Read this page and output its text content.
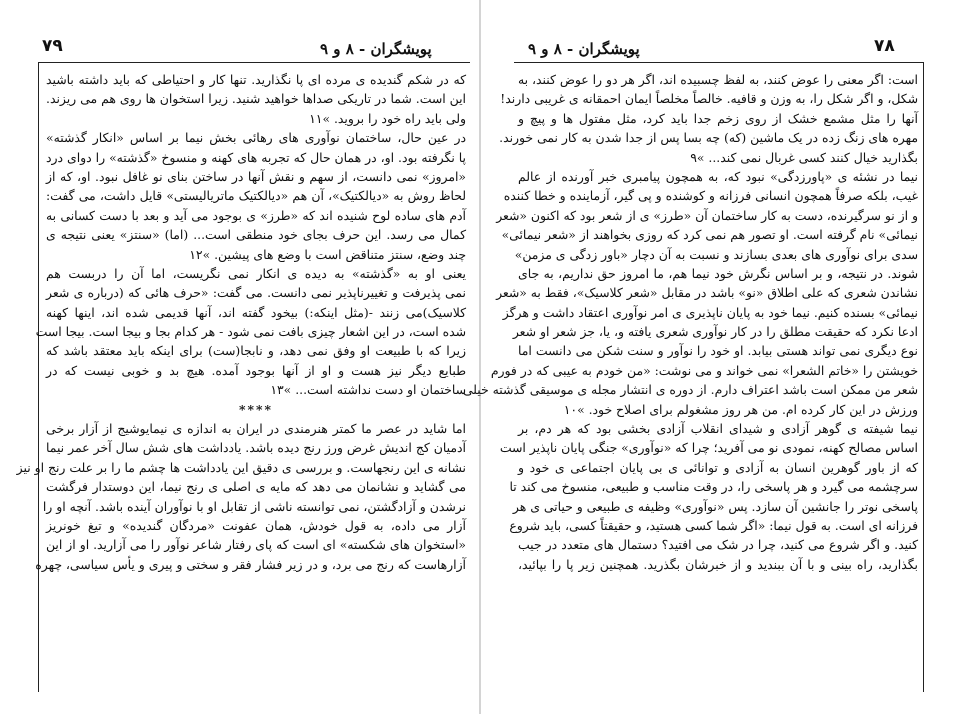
۷۹	پویشگران - ۸ و ۹
که در شکم گندیده ی مرده ای پا نگذارید. تنها کار و احتیاطی که باید داشته باشید
این است. شما در تاریکی صداها خواهید شنید. زیرا استخوان ها روی هم می ریزند.
ولی باید راه خود را بروید. »۱۱
در عین حال، ساختمان نوآوری های رهائی بخش نیما بر اساس «انکار گذشته»
پا نگرفته بود. او، در همان حال که تجربه های کهنه و منسوخ «گذشته» را دوای درد
«امروز» نمی دانست، از سهم و نقش آنها در ساختن بنای نو غافل نبود. او، که از
لحاظ روش به «دیالکتیک»، آن هم «دیالکتیک ماتریالیستی» قایل داشت، می گفت:
آدم های ساده لوح شنیده اند که «طرز» ی بوجود می آید و بعد با دست کسانی به
کمال می رسد. این حرف بجای خود منطقی است... (اما) «سنتز» یعنی نتیجه ی
چند وضع، سنتز متناقض است با وضع های پیشین. »۱۲
یعنی او به «گذشته» به دیده ی انکار نمی نگریست، اما آن را دربست هم
نمی پذیرفت و تغییرناپذیر نمی دانست. می گفت: «حرف هائی که (درباره ی شعر
کلاسیک)می زنند -(مثل اینکه:) بیخود گفته اند، آنها قدیمی شده اند، اینها کهنه
شده است، در این اشعار چیزی بافت نمی شود - هر کدام بجا و بیجا است. بیجا است
زیرا که با طبیعت او وفق نمی دهد، و نابجا(ست) برای اینکه باید معتقد باشد که
طبایع دیگر نیز هست و او از آنها بوجود آمده. هیچ بد و خوبی نیست که در
ساختمان او دست نداشته است... »۱۳
****
اما شاید در عصر ما کمتر هنرمندی در ایران به اندازه ی نیمایوشیج از آزار برخی
آدمیان کج اندیش غرض ورز رنج دیده باشد. یادداشت های شش سال آخر عمر نیما
نشانه ی این رنجهاست. و بررسی ی دقیق این یادداشت ها چشم ما را بر علت رنج او نیز
می گشاید و نشانمان می دهد که مایه ی اصلی ی رنج نیما، این دوستدار فرگشت
نرشدن و آزادگشتن، نمی توانسته ناشی از تقابل او با نوآوران آینده باشد. آنچه او را
آزار می داده، به قول خودش، همان عفونت «مردگان گندیده» و تیغ خونریز
«استخوان های شکسته» ای است که پای رفتار شاعر نوآور را می آزارید. او از این
آزارهاست که رنج می برد، و در زیر فشار فقر و سختی و پیری و یأس سیاسی، چهره
۷۸
پویشگران - ۸ و ۹
است: اگر معنی را عوض کنند، به لفظ چسبیده اند، اگر هر دو را عوض کنند، به
شکل، و اگر شکل را، به وزن و قافیه. خالصاً مخلصاً ایمان احمقانه ی غریبی دارند!
آنها را مثل مشمع خشک از روی زخم جدا باید کرد، مثل مفتول ها و پیچ و
مهره های زنگ زده در یک ماشین (که) چه بسا پس از جدا شدن به کار نمی خورند.
بگذارید خیال کنند کسی غربال نمی کند... »۹
نیما در نشئه ی «پاورزدگی» نبود که، به همچون پیامبری خبر آورنده از عالم
غیب، بلکه صرفاً همچون انسانی فرزانه و کوشنده و پی گیر، آزماینده و خطا کننده
و از نو سرگیرنده، دست به کار ساختمان آن «طرز» ی از شعر بود که اکنون «شعر
نیمائی» نام گرفته است. او تصور هم نمی کرد که روزی بخواهند از «شعر نیمائی»
سدی برای نوآوری های بعدی بسازند و نسبت به آن دچار «باور زدگی ی مزمن»
شوند. در نتیجه، و بر اساس نگرش خود نیما هم، ما امروز حق نداریم، به جای
نشاندن شعری که علی اطلاق «نو» باشد در مقابل «شعر کلاسیک»، فقط به «شعر
نیمائی» بسنده کنیم. نیما خود به پایان ناپذیری ی امر نوآوری اعتقاد داشت و هرگز
ادعا نکرد که حقیقت مطلق را در کار نوآوری شعری یافته و، یا، جز شعر او شعر
نوع دیگری نمی تواند هستی بیابد. او خود را نوآور و سنت شکن می دانست اما
خویشتن را «خاتم الشعرا» نمی خواند و می نوشت: «من خودم به عیبی که در فورم
شعر من ممکن است باشد اعتراف دارم. از دوره ی انتشار مجله ی موسیقی گذشته خیلی
ورزش در این کار کرده ام. من هر روز مشغولم برای اصلاح خود. »۱۰
نیما شیفته ی گوهر آزادی و شیدای انقلاب آزادی بخشی بود که هر دم، بر
اساس مصالح کهنه، نمودی نو می آفرید؛ چرا که «نوآوری» جنگی پایان ناپذیر است
که از باور گوهرین انسان به آزادی و توانائی ی بی پایان اجتماعی ی خود و
سرچشمه می گیرد و هر پاسخی را، در وقت مناسب و طبیعی، منسوخ می کند تا
پاسخی نوتر را جانشین آن سازد. پس «نوآوری» وظیفه ی طبیعی و حیاتی ی هر
فرزانه ای است. به قول نیما: «اگر شما کسی هستید، و حقیقتاً کسی، باید شروع
کنید. و اگر شروع می کنید، چرا در شک می افتید؟ دستمال های متعدد در جیب
بگذارید، راه بینی و با آن ببندید و از خبرشان بگذرید. همچنین زیر پا را بپائید،
